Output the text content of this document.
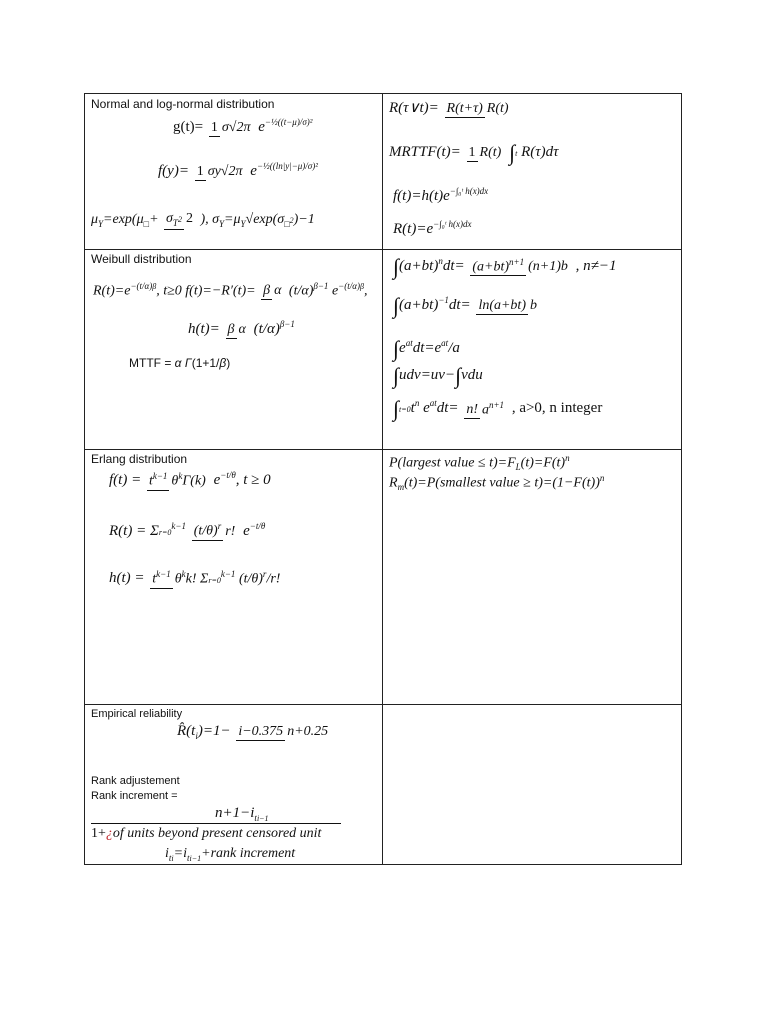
Normal and log-normal distribution
g(t)= 1 σ√2π e−½((t−μ)/σ)²
f(y)= 1 σy√2π e−½((ln|y|−μ)/σ)²
μY=exp(μ□+ σT2 2 ), σY=μY√exp(σ□2)−1
R(τ∨t)= R(t+τ) R(t)
MRTTF(t)= 1 R(t) ∫t R(τ)dτ
f(t)=h(t)e−∫₀ᵗ h(x)dx
R(t)=e−∫₀ᵗ h(x)dx
Weibull distribution
R(t)=e−(t/α)β, t≥0 f(t)=−R′(t)= β α (t/α)β−1 e−(t/α)β,
h(t)= β α (t/α)β−1
MTTF = α Γ(1+1/β)
∫(a+bt)ndt= (a+bt)n+1 (n+1)b , n≠−1
∫(a+bt)−1dt= ln(a+bt) b
∫eatdt=eat/a
∫udv=uv−∫vdu
∫t=0tn eatdt= n! an+1 , a>0, n integer
Erlang distribution
f(t) = tk−1 θkΓ(k) e−t/θ, t ≥ 0
R(t) = Σr=0k−1 (t/θ)r r! e−t/θ
h(t) = tk−1 θkk! Σr=0k−1 (t/θ)r/r!
P(largest value ≤ t)=FL(t)=F(t)n
Rm(t)=P(smallest value ≥ t)=(1−F(t))n
Empirical reliability
R̂(ti)=1− i−0.375 n+0.25
Rank adjustement
Rank increment =
n+1−iti−1
1+¿of units beyond present censored unit
iti=iti−1+rank increment
